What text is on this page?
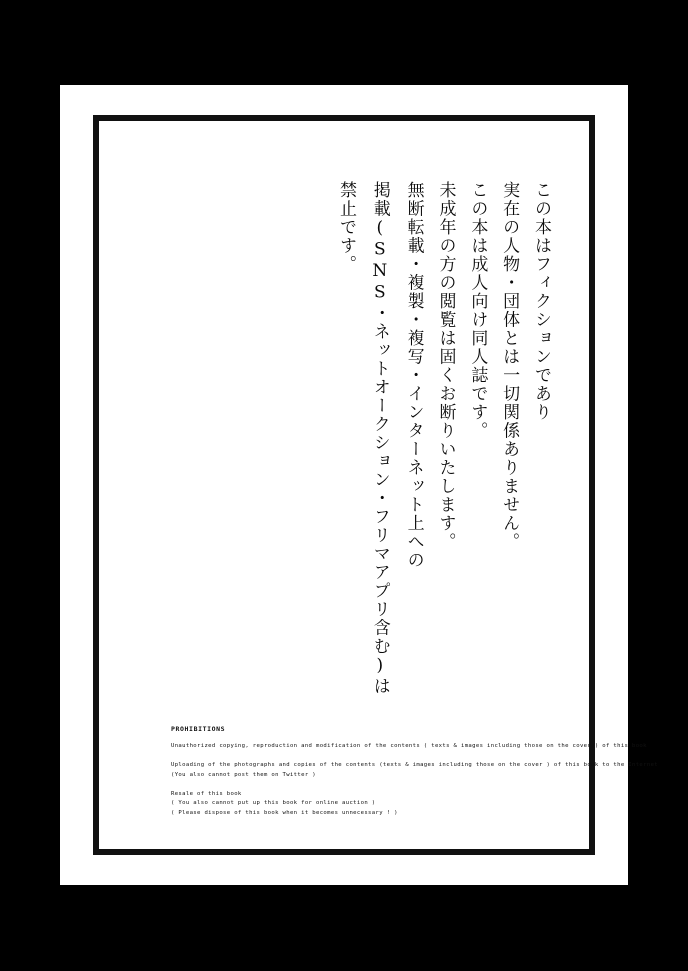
禁止です。 掲載(SNS・ネットオークション・フリマアプリ含む)は 無断転載・複製・複写・インターネット上への 未成年の方の閲覧は固くお断りいたします。 この本は成人向け同人誌です。 実在の人物・団体とは一切関係ありません。 この本はフィクションであり
PROHIBITIONS

Unauthorized copying, reproduction and modification of the contents ( texts & images including those on the cover ) of this book

Uploading of the photographs and copies of the contents (texts & images including those on the cover ) of this book to the Internet
(You also cannot post them on Twitter )

Resale of this book
( You also cannot put up this book for online auction )
( Please dispose of this book when it becomes unnecessary ! )
